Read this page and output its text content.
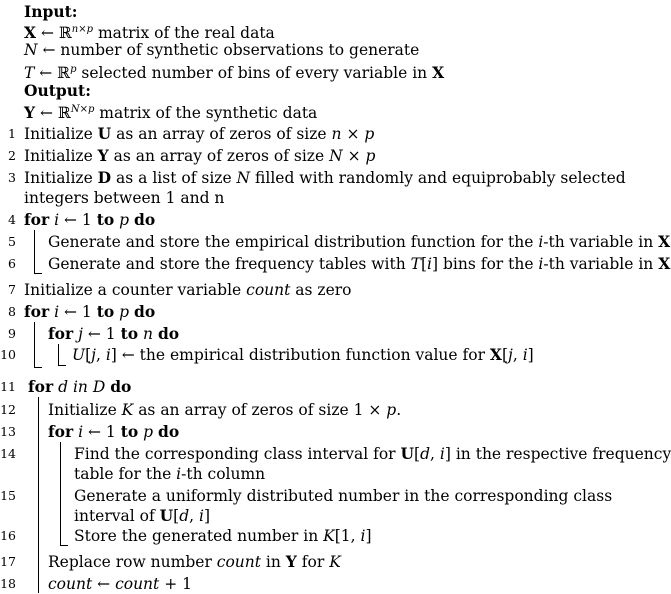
Input:
X ← ℝ$^{n\times p}$ matrix of the real data
N ← number of synthetic observations to generate
T ← ℝ$^p$ selected number of bins of every variable in X
Output:
Y ← ℝ$^{N\times p}$ matrix of the synthetic data
1
2
3
4
5
6
7
8
9
10
11
12
13
14
15
16
17
18
Initialize U as an array of zeros of size n × p
Initialize Y as an array of zeros of size N × p
Initialize D as a list of size N filled with randomly and equiprobably selected
integers between 1 and n
for i ← 1 to p do
Generate and store the empirical distribution function for the i-th variable in X
Generate and store the frequency tables with T[i] bins for the i-th variable in X
Initialize a counter variable count as zero
for i ← 1 to p do
for j ← 1 to n do
U[j, i] ← the empirical distribution function value for X[j, i]
for d in D do
Initialize K as an array of zeros of size 1 × p.
for i ← 1 to p do
Find the corresponding class interval for U[d, i] in the respective frequency
table for the i-th column
Generate a uniformly distributed number in the corresponding class
interval of U[d, i]
Store the generated number in K[1, i]
Replace row number count in Y for K
count ← count + 1
